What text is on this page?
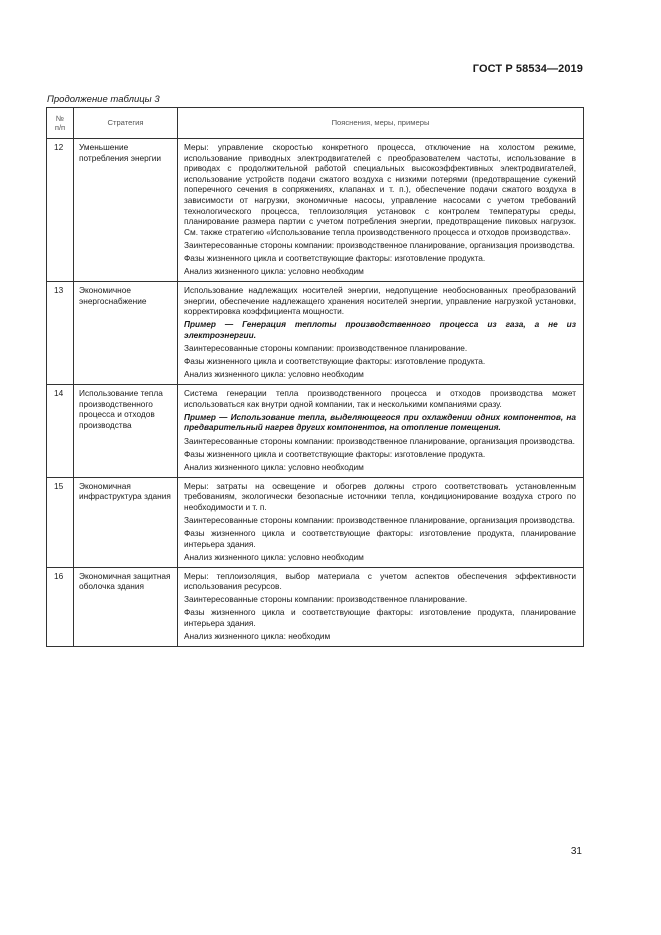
ГОСТ Р 58534—2019
Продолжение таблицы 3
№
п/п	Стратегия	Пояснения, меры, примеры
12	Уменьшение потребления энергии	Меры: управление скоростью конкретного процесса, отключение на холостом режиме, использование приводных электродвигателей с преобразователем частоты, использование в приводах с продолжительной работой специальных высокоэффективных электродвигателей, использование устройств подачи сжатого воздуха с низкими потерями (предотвращение сужений поперечного сечения в сопряжениях, клапанах и т. п.), обеспечение подачи сжатого воздуха в зависимости от нагрузки, экономичные насосы, управление насосами с учетом требований технологического процесса, теплоизоляция установок с контролем температуры среды, планирование размера партии с учетом потребления энергии, предотвращение пиковых нагрузок. См. также стратегию «Использование тепла производственного процесса и отходов производства».

Заинтересованные стороны компании: производственное планирование, организация производства.

Фазы жизненного цикла и соответствующие факторы: изготовление продукта.

Анализ жизненного цикла: условно необходим

13	Экономичное энергоснабжение	Использование надлежащих носителей энергии, недопущение необоснованных преобразований энергии, обеспечение надлежащего хранения носителей энергии, управление нагрузкой установки, корректировка коэффициента мощности.

Пример — Генерация теплоты производственного процесса из газа, а не из электроэнергии.

Заинтересованные стороны компании: производственное планирование.

Фазы жизненного цикла и соответствующие факторы: изготовление продукта.

Анализ жизненного цикла: условно необходим

14	Использование тепла производственного процесса и отходов производства	Система генерации тепла производственного процесса и отходов производства может использоваться как внутри одной компании, так и несколькими компаниями сразу.

Пример — Использование тепла, выделяющегося при охлаждении одних компонентов, на предварительный нагрев других компонентов, на отопление помещения.

Заинтересованные стороны компании: производственное планирование, организация производства.

Фазы жизненного цикла и соответствующие факторы: изготовление продукта.

Анализ жизненного цикла: условно необходим

15	Экономичная инфраструктура здания	Меры: затраты на освещение и обогрев должны строго соответствовать установленным требованиям, экологически безопасные источники тепла, кондиционирование воздуха строго по необходимости и т. п.

Заинтересованные стороны компании: производственное планирование, организация производства.

Фазы жизненного цикла и соответствующие факторы: изготовление продукта, планирование интерьера здания.

Анализ жизненного цикла: условно необходим

16	Экономичная защитная оболочка здания	Меры: теплоизоляция, выбор материала с учетом аспектов обеспечения эффективности использования ресурсов.

Заинтересованные стороны компании: производственное планирование.

Фазы жизненного цикла и соответствующие факторы: изготовление продукта, планирование интерьера здания.

Анализ жизненного цикла: необходим

31
